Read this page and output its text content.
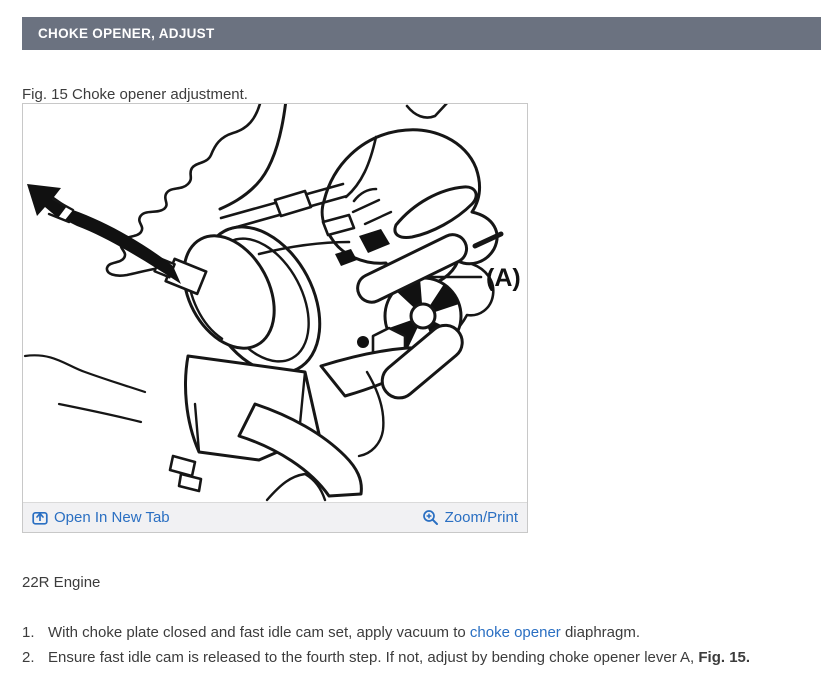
CHOKE OPENER, ADJUST
Fig. 15 Choke opener adjustment.
(A)
Open In New Tab	Zoom/Print
22R Engine
1. With choke plate closed and fast idle cam set, apply vacuum to choke opener diaphragm.
2. Ensure fast idle cam is released to the fourth step. If not, adjust by bending choke opener lever A, Fig. 15.
